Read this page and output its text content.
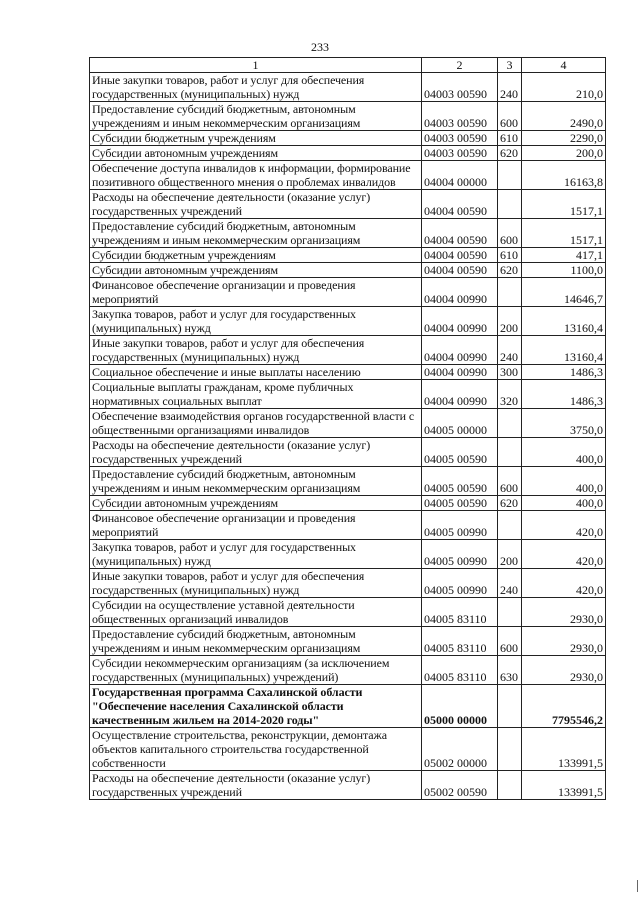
233
1	2	3	4
Иные закупки товаров, работ и услуг для обеспечения государственных (муниципальных) нужд	04003 00590	240	210,0
Предоставление субсидий бюджетным, автономным учреждениям и иным некоммерческим организациям	04003 00590	600	2490,0
Субсидии бюджетным учреждениям	04003 00590	610	2290,0
Субсидии автономным учреждениям	04003 00590	620	200,0
Обеспечение доступа инвалидов к информации, формирование позитивного общественного мнения о проблемах инвалидов	04004 00000		16163,8
Расходы на обеспечение деятельности (оказание услуг) государственных учреждений	04004 00590		1517,1
Предоставление субсидий бюджетным, автономным учреждениям и иным некоммерческим организациям	04004 00590	600	1517,1
Субсидии бюджетным учреждениям	04004 00590	610	417,1
Субсидии автономным учреждениям	04004 00590	620	1100,0
Финансовое обеспечение организации и проведения мероприятий	04004 00990		14646,7
Закупка товаров, работ и услуг для государственных (муниципальных) нужд	04004 00990	200	13160,4
Иные закупки товаров, работ и услуг для обеспечения государственных (муниципальных) нужд	04004 00990	240	13160,4
Социальное обеспечение и иные выплаты населению	04004 00990	300	1486,3
Социальные выплаты гражданам, кроме публичных нормативных социальных выплат	04004 00990	320	1486,3
Обеспечение взаимодействия органов государственной власти с общественными организациями инвалидов	04005 00000		3750,0
Расходы на обеспечение деятельности (оказание услуг) государственных учреждений	04005 00590		400,0
Предоставление субсидий бюджетным, автономным учреждениям и иным некоммерческим организациям	04005 00590	600	400,0
Субсидии автономным учреждениям	04005 00590	620	400,0
Финансовое обеспечение организации и проведения мероприятий	04005 00990		420,0
Закупка товаров, работ и услуг для государственных (муниципальных) нужд	04005 00990	200	420,0
Иные закупки товаров, работ и услуг для обеспечения государственных (муниципальных) нужд	04005 00990	240	420,0
Субсидии на осуществление уставной деятельности общественных организаций инвалидов	04005 83110		2930,0
Предоставление субсидий бюджетным, автономным учреждениям и иным некоммерческим организациям	04005 83110	600	2930,0
Субсидии некоммерческим организациям (за исключением государственных (муниципальных) учреждений)	04005 83110	630	2930,0
Государственная программа Сахалинской области "Обеспечение населения Сахалинской области качественным жильем на 2014-2020 годы"	05000 00000		7795546,2
Осуществление строительства, реконструкции, демонтажа объектов капитального строительства государственной собственности	05002 00000		133991,5
Расходы на обеспечение деятельности (оказание услуг) государственных учреждений	05002 00590		133991,5
